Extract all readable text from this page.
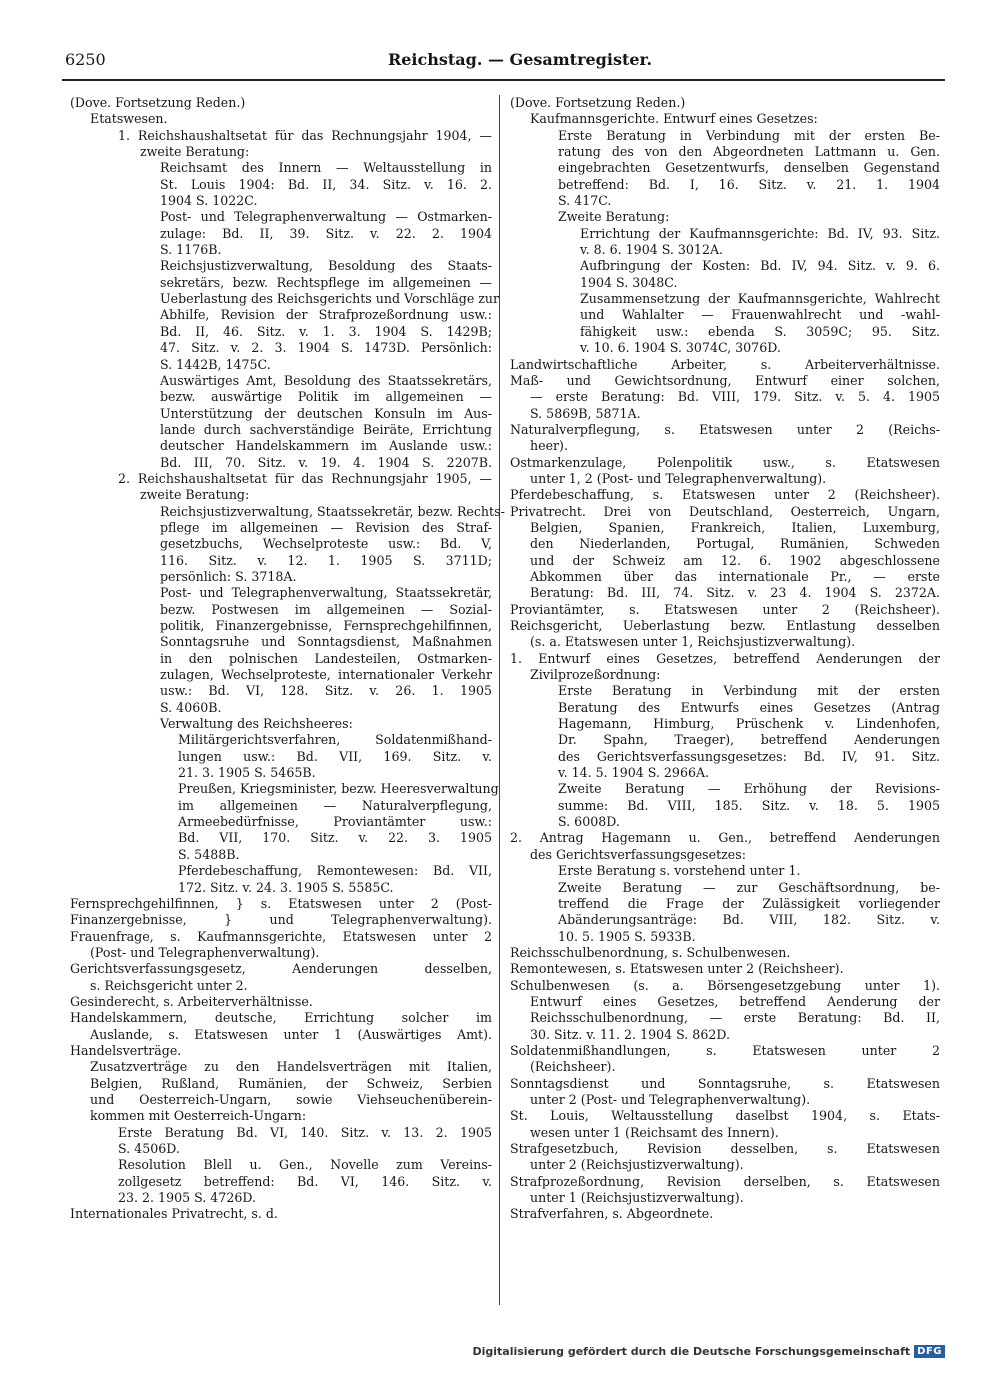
6250	Reichstag. — Gesamtregister.
(Dove. Fortsetzung Reden.)
Etatswesen.
1. Reichshaushaltsetat für das Rechnungsjahr 1904, —
zweite Beratung:
Reichsamt des Innern — Weltausstellung in
St. Louis 1904: Bd. II, 34. Sitz. v. 16. 2.
1904 S. 1022C.
Post- und Telegraphenverwaltung — Ostmarken-
zulage: Bd. II, 39. Sitz. v. 22. 2. 1904
S. 1176B.
Reichsjustizverwaltung, Besoldung des Staats-
sekretärs, bezw. Rechtspflege im allgemeinen —
Ueberlastung des Reichsgerichts und Vorschläge zur
Abhilfe, Revision der Strafprozeßordnung usw.:
Bd. II, 46. Sitz. v. 1. 3. 1904 S. 1429B;
47. Sitz. v. 2. 3. 1904 S. 1473D. Persönlich:
S. 1442B, 1475C.
Auswärtiges Amt, Besoldung des Staatssekretärs,
bezw. auswärtige Politik im allgemeinen —
Unterstützung der deutschen Konsuln im Aus-
lande durch sachverständige Beiräte, Errichtung
deutscher Handelskammern im Auslande usw.:
Bd. III, 70. Sitz. v. 19. 4. 1904 S. 2207B.
2. Reichshaushaltsetat für das Rechnungsjahr 1905, —
zweite Beratung:
Reichsjustizverwaltung, Staatssekretär, bezw. Rechts-
pflege im allgemeinen — Revision des Straf-
gesetzbuchs, Wechselproteste usw.: Bd. V,
116. Sitz. v. 12. 1. 1905 S. 3711D;
persönlich: S. 3718A.
Post- und Telegraphenverwaltung, Staatssekretär,
bezw. Postwesen im allgemeinen — Sozial-
politik, Finanzergebnisse, Fernsprechgehilfinnen,
Sonntagsruhe und Sonntagsdienst, Maßnahmen
in den polnischen Landesteilen, Ostmarken-
zulagen, Wechselproteste, internationaler Verkehr
usw.: Bd. VI, 128. Sitz. v. 26. 1. 1905
S. 4060B.
Verwaltung des Reichsheeres:
Militärgerichtsverfahren, Soldatenmißhand-
lungen usw.: Bd. VII, 169. Sitz. v.
21. 3. 1905 S. 5465B.
Preußen, Kriegsminister, bezw. Heeresverwaltung
im allgemeinen — Naturalverpflegung,
Armeebedürfnisse, Proviantämter usw.:
Bd. VII, 170. Sitz. v. 22. 3. 1905
S. 5488B.
Pferdebeschaffung, Remontewesen: Bd. VII,
172. Sitz. v. 24. 3. 1905 S. 5585C.
Fernsprechgehilfinnen, } s. Etatswesen unter 2 (Post-
Finanzergebnisse, } und Telegraphenverwaltung).
Frauenfrage, s. Kaufmannsgerichte, Etatswesen unter 2
(Post- und Telegraphenverwaltung).
Gerichtsverfassungsgesetz, Aenderungen desselben,
s. Reichsgericht unter 2.
Gesinderecht, s. Arbeiterverhältnisse.
Handelskammern, deutsche, Errichtung solcher im
Auslande, s. Etatswesen unter 1 (Auswärtiges Amt).
Handelsverträge.
Zusatzverträge zu den Handelsverträgen mit Italien,
Belgien, Rußland, Rumänien, der Schweiz, Serbien
und Oesterreich-Ungarn, sowie Viehseuchenüberein-
kommen mit Oesterreich-Ungarn:
Erste Beratung Bd. VI, 140. Sitz. v. 13. 2. 1905
S. 4506D.
Resolution Blell u. Gen., Novelle zum Vereins-
zollgesetz betreffend: Bd. VI, 146. Sitz. v.
23. 2. 1905 S. 4726D.
Internationales Privatrecht, s. d.
(Dove. Fortsetzung Reden.)
Kaufmannsgerichte. Entwurf eines Gesetzes:
Erste Beratung in Verbindung mit der ersten Be-
ratung des von den Abgeordneten Lattmann u. Gen.
eingebrachten Gesetzentwurfs, denselben Gegenstand
betreffend: Bd. I, 16. Sitz. v. 21. 1. 1904
S. 417C.
Zweite Beratung:
Errichtung der Kaufmannsgerichte: Bd. IV, 93. Sitz.
v. 8. 6. 1904 S. 3012A.
Aufbringung der Kosten: Bd. IV, 94. Sitz. v. 9. 6.
1904 S. 3048C.
Zusammensetzung der Kaufmannsgerichte, Wahlrecht
und Wahlalter — Frauenwahlrecht und -wahl-
fähigkeit usw.: ebenda S. 3059C; 95. Sitz.
v. 10. 6. 1904 S. 3074C, 3076D.
Landwirtschaftliche Arbeiter, s. Arbeiterverhältnisse.
Maß- und Gewichtsordnung, Entwurf einer solchen,
— erste Beratung: Bd. VIII, 179. Sitz. v. 5. 4. 1905
S. 5869B, 5871A.
Naturalverpflegung, s. Etatswesen unter 2 (Reichs-
heer).
Ostmarkenzulage, Polenpolitik usw., s. Etatswesen
unter 1, 2 (Post- und Telegraphenverwaltung).
Pferdebeschaffung, s. Etatswesen unter 2 (Reichsheer).
Privatrecht. Drei von Deutschland, Oesterreich, Ungarn,
Belgien, Spanien, Frankreich, Italien, Luxemburg,
den Niederlanden, Portugal, Rumänien, Schweden
und der Schweiz am 12. 6. 1902 abgeschlossene
Abkommen über das internationale Pr., — erste
Beratung: Bd. III, 74. Sitz. v. 23 4. 1904 S. 2372A.
Proviantämter, s. Etatswesen unter 2 (Reichsheer).
Reichsgericht, Ueberlastung bezw. Entlastung desselben
(s. a. Etatswesen unter 1, Reichsjustizverwaltung).
1. Entwurf eines Gesetzes, betreffend Aenderungen der
Zivilprozeßordnung:
Erste Beratung in Verbindung mit der ersten
Beratung des Entwurfs eines Gesetzes (Antrag
Hagemann, Himburg, Prüschenk v. Lindenhofen,
Dr. Spahn, Traeger), betreffend Aenderungen
des Gerichtsverfassungsgesetzes: Bd. IV, 91. Sitz.
v. 14. 5. 1904 S. 2966A.
Zweite Beratung — Erhöhung der Revisions-
summe: Bd. VIII, 185. Sitz. v. 18. 5. 1905
S. 6008D.
2. Antrag Hagemann u. Gen., betreffend Aenderungen
des Gerichtsverfassungsgesetzes:
Erste Beratung s. vorstehend unter 1.
Zweite Beratung — zur Geschäftsordnung, be-
treffend die Frage der Zulässigkeit vorliegender
Abänderungsanträge: Bd. VIII, 182. Sitz. v.
10. 5. 1905 S. 5933B.
Reichsschulbenordnung, s. Schulbenwesen.
Remontewesen, s. Etatswesen unter 2 (Reichsheer).
Schulbenwesen (s. a. Börsengesetzgebung unter 1).
Entwurf eines Gesetzes, betreffend Aenderung der
Reichsschulbenordnung, — erste Beratung: Bd. II,
30. Sitz. v. 11. 2. 1904 S. 862D.
Soldatenmißhandlungen, s. Etatswesen unter 2
(Reichsheer).
Sonntagsdienst und Sonntagsruhe, s. Etatswesen
unter 2 (Post- und Telegraphenverwaltung).
St. Louis, Weltausstellung daselbst 1904, s. Etats-
wesen unter 1 (Reichsamt des Innern).
Strafgesetzbuch, Revision desselben, s. Etatswesen
unter 2 (Reichsjustizverwaltung).
Strafprozeßordnung, Revision derselben, s. Etatswesen
unter 1 (Reichsjustizverwaltung).
Strafverfahren, s. Abgeordnete.
Digitalisierung gefördert durch die Deutsche Forschungsgemeinschaft DFG
